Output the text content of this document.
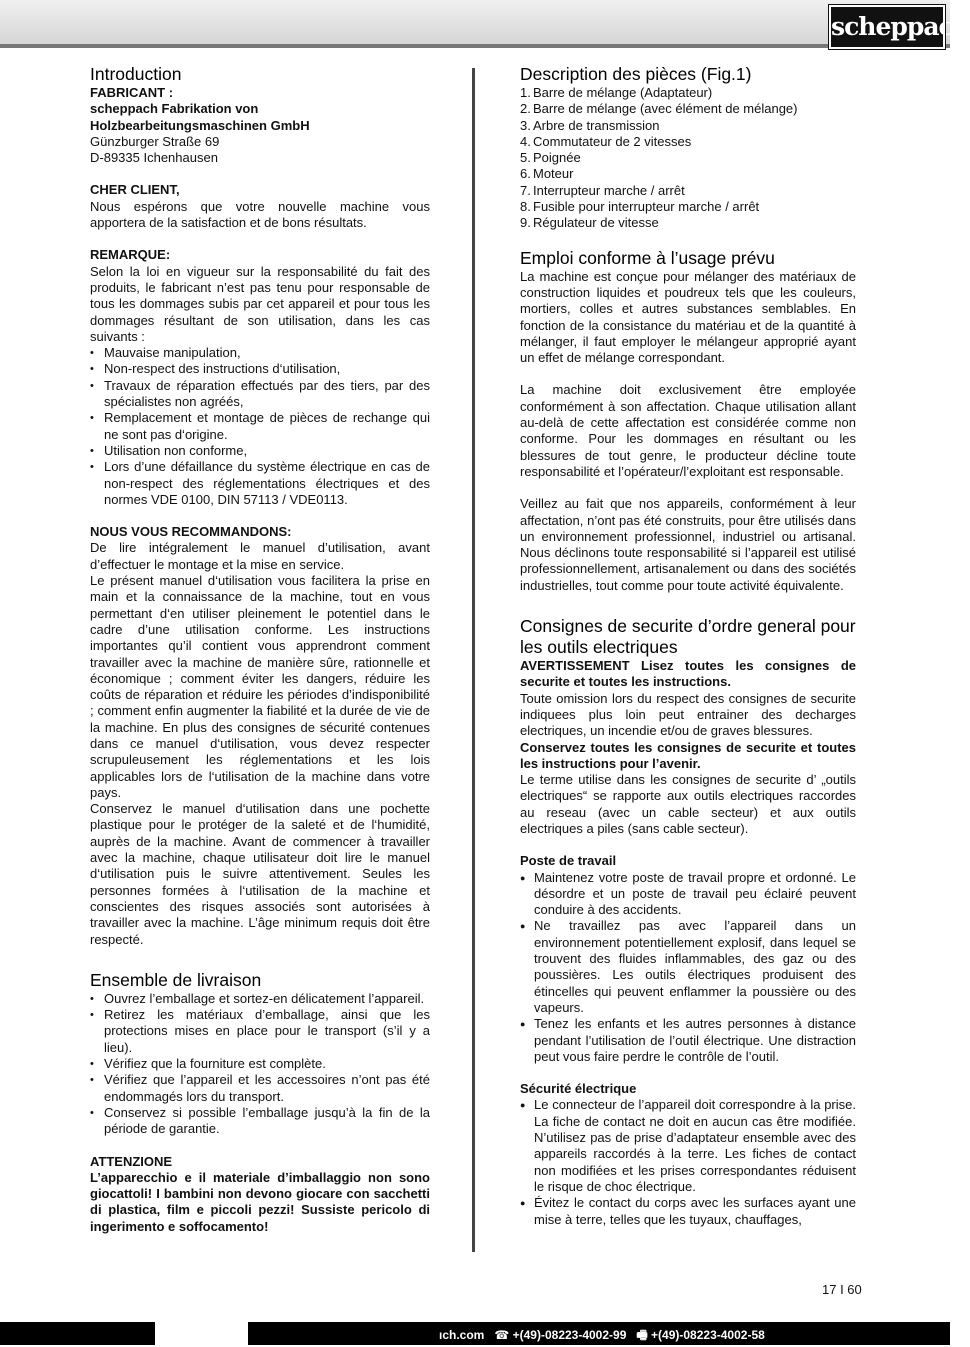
scheppach
Introduction

FABRICANT :

scheppach Fabrikation von

Holzbearbeitungsmaschinen GmbH

Günzburger Straße 69

D-89335 Ichenhausen

CHER CLIENT,

Nous espérons que votre nouvelle machine vous apportera de la satisfaction et de bons résultats.

REMARQUE:

Selon la loi en vigueur sur la responsabilité du fait des produits, le fabricant n’est pas tenu pour responsable de tous les dommages subis par cet appareil et pour tous les dommages résultant de son utilisation, dans les cas suivants :

• Mauvaise manipulation,
• Non-respect des instructions d‘utilisation,
• Travaux de réparation effectués par des tiers, par des spécialistes non agréés,
• Remplacement et montage de pièces de rechange qui ne sont pas d‘origine.
• Utilisation non conforme,
• Lors d’une défaillance du système électrique en cas de non-respect des réglementations électriques et des normes VDE 0100, DIN 57113 / VDE0113.

NOUS VOUS RECOMMANDONS:

De lire intégralement le manuel d’utilisation, avant d’effectuer le montage et la mise en service.

Le présent manuel d‘utilisation vous facilitera la prise en main et la connaissance de la machine, tout en vous permettant d‘en utiliser pleinement le potentiel dans le cadre d’une utilisation conforme. Les instructions importantes qu’il contient vous apprendront comment travailler avec la machine de manière sûre, rationnelle et économique ; comment éviter les dangers, réduire les coûts de réparation et réduire les périodes d’indisponibilité ; comment enfin augmenter la fiabilité et la durée de vie de la machine. En plus des consignes de sécurité contenues dans ce manuel d‘utilisation, vous devez respecter scrupuleusement les réglementations et les lois applicables lors de l‘utilisation de la machine dans votre pays.

Conservez le manuel d‘utilisation dans une pochette plastique pour le protéger de la saleté et de l‘humidité, auprès de la machine. Avant de commencer à travailler avec la machine, chaque utilisateur doit lire le manuel d‘utilisation puis le suivre attentivement. Seules les personnes formées à l‘utilisation de la machine et conscientes des risques associés sont autorisées à travailler avec la machine. L’âge minimum requis doit être respecté.

Ensemble de livraison
• Ouvrez l’emballage et sortez-en délicatement l’appareil.
• Retirez les matériaux d’emballage, ainsi que les protections mises en place pour le transport (s’il y a lieu).
• Vérifiez que la fourniture est complète.
• Vérifiez que l’appareil et les accessoires n’ont pas été endommagés lors du transport.
• Conservez si possible l’emballage jusqu’à la fin de la période de garantie.

ATTENZIONE

L’apparecchio e il materiale d’imballaggio non sono giocattoli! I bambini non devono giocare con sacchetti di plastica, film e piccoli pezzi! Sussiste pericolo di ingerimento e soffocamento!

Description des pièces (Fig.1)
1. Barre de mélange (Adaptateur)
2. Barre de mélange (avec élément de mélange)
3. Arbre de transmission
4. Commutateur de 2 vitesses
5. Poignée
6. Moteur
7. Interrupteur marche / arrêt
8. Fusible pour interrupteur marche / arrêt
9. Régulateur de vitesse
Emploi conforme à l’usage prévu

La machine est conçue pour mélanger des matériaux de construction liquides et poudreux tels que les couleurs, mortiers, colles et autres substances semblables. En fonction de la consistance du matériau et de la quantité à mélanger, il faut employer le mélangeur approprié ayant un effet de mélange correspondant.

La machine doit exclusivement être employée conformément à son affectation. Chaque utilisation allant au-delà de cette affectation est considérée comme non conforme. Pour les dommages en résultant ou les blessures de tout genre, le producteur décline toute responsabilité et l’opérateur/l’exploitant est responsable.

Veillez au fait que nos appareils, conformément à leur affectation, n’ont pas été construits, pour être utilisés dans un environnement professionnel, industriel ou artisanal. Nous déclinons toute responsabilité si l’appareil est utilisé professionnellement, artisanalement ou dans des sociétés industrielles, tout comme pour toute activité équivalente.

Consignes de securite d’ordre general pour les outils electriques

AVERTISSEMENT Lisez toutes les consignes de securite et toutes les instructions.

Toute omission lors du respect des consignes de securite indiquees plus loin peut entrainer des decharges electriques, un incendie et/ou de graves blessures.

Conservez toutes les consignes de securite et toutes les instructions pour l’avenir.

Le terme utilise dans les consignes de securite d’ „outils electriques“ se rapporte aux outils electriques raccordes au reseau (avec un cable secteur) et aux outils electriques a piles (sans cable secteur).

Poste de travail

● Maintenez votre poste de travail propre et ordonné. Le désordre et un poste de travail peu éclairé peuvent conduire à des accidents.
● Ne travaillez pas avec l’appareil dans un environnement potentiellement explosif, dans lequel se trouvent des fluides inflammables, des gaz ou des poussières. Les outils électriques produisent des étincelles qui peuvent enflammer la poussière ou des vapeurs.
● Tenez les enfants et les autres personnes à distance pendant l’utilisation de l’outil électrique. Une distraction peut vous faire perdre le contrôle de l’outil.

Sécurité électrique

● Le connecteur de l’appareil doit correspondre à la prise. La fiche de contact ne doit en aucun cas être modifiée. N’utilisez pas de prise d’adaptateur ensemble avec des appareils raccordés à la terre. Les fiches de contact non modifiées et les prises correspondantes réduisent le risque de choc électrique.
● Évitez le contact du corps avec les surfaces ayant une mise à terre, telles que les tuyaux, chauffages,
17 I 60
ıch.com   ☎ +(49)-08223-4002-99   🖷 +(49)-08223-4002-58
